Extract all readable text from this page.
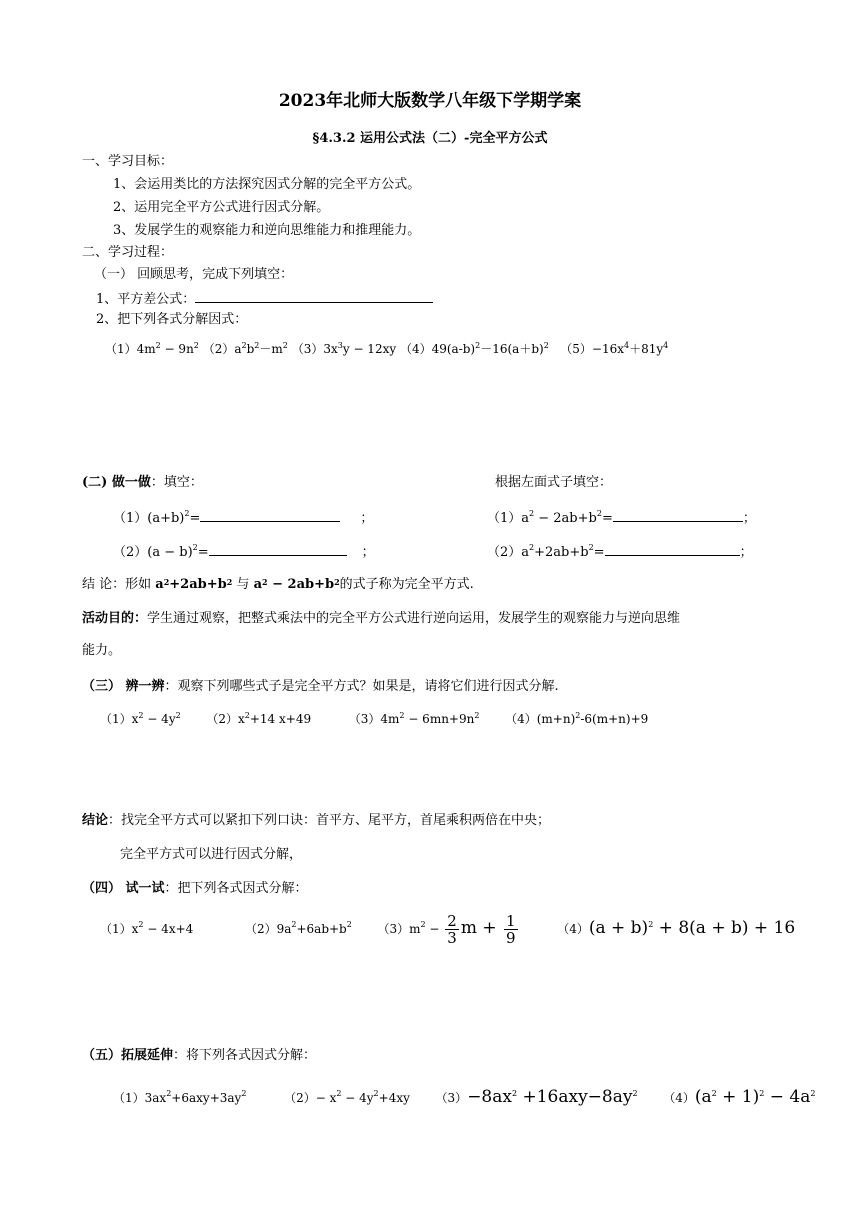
2023年北师大版数学八年级下学期学案
§4.3.2 运用公式法（二）-完全平方公式
一、学习目标：
1、会运用类比的方法探究因式分解的完全平方公式。
2、运用完全平方公式进行因式分解。
3、发展学生的观察能力和逆向思维能力和推理能力。
二、学习过程：
（一） 回顾思考，完成下列填空：
1、平方差公式：
2、把下列各式分解因式：
$(1)4m^2 - 9n^2$ $(2)a^2b^2-m^2$ $(3)3x^3y - 12xy$ $(4)49(a-b)^2-16(a+b)^2$ $(5)-16x^4+81y^4$
(二) 做一做：填空：	根据左面式子填空：
$(1)(a+b)^2=$	；	$(1)a^2 - 2ab+b^2=$	；
$(2)(a - b)^2=$	；	$(2)a^2+2ab+b^2=$	；
结 论：形如 $a^2+2ab+b^2$ 与 $a^2 - 2ab+b^2$的式子称为完全平方式.
活动目的：学生通过观察，把整式乘法中的完全平方公式进行逆向运用，发展学生的观察能力与逆向思维
能力。
（三） 辨一辨：观察下列哪些式子是完全平方式？如果是，请将它们进行因式分解.
$(1)x^2 - 4y^2$ $(2)x^2+14$ x+49	$(3)4m^2 - 6mn+9n^2$ $(4)(m+n)^2-6(m+n)+9$
结论：找完全平方式可以紧扣下列口诀：首平方、尾平方，首尾乘积两倍在中央；
完全平方式可以进行因式分解，
（四） 试一试：把下列各式因式分解：
$(1)x^2 - 4x+4$	$(2)9a^2+6ab+b^2$ $(3)m^2 - \frac{2}{3}$ $m + \frac{1}{9}$	$(4)(a + b)^2 + 8(a + b) + 16$
（五）拓展延伸：将下列各式因式分解：
$(1)3ax^2+6axy+3ay^2$	$(2)- x^2 - 4y^2+4xy$ $(3)-8ax^2 +16axy-8ay^2$ $(4)(a^2 + 1)^2 - 4a^2$
